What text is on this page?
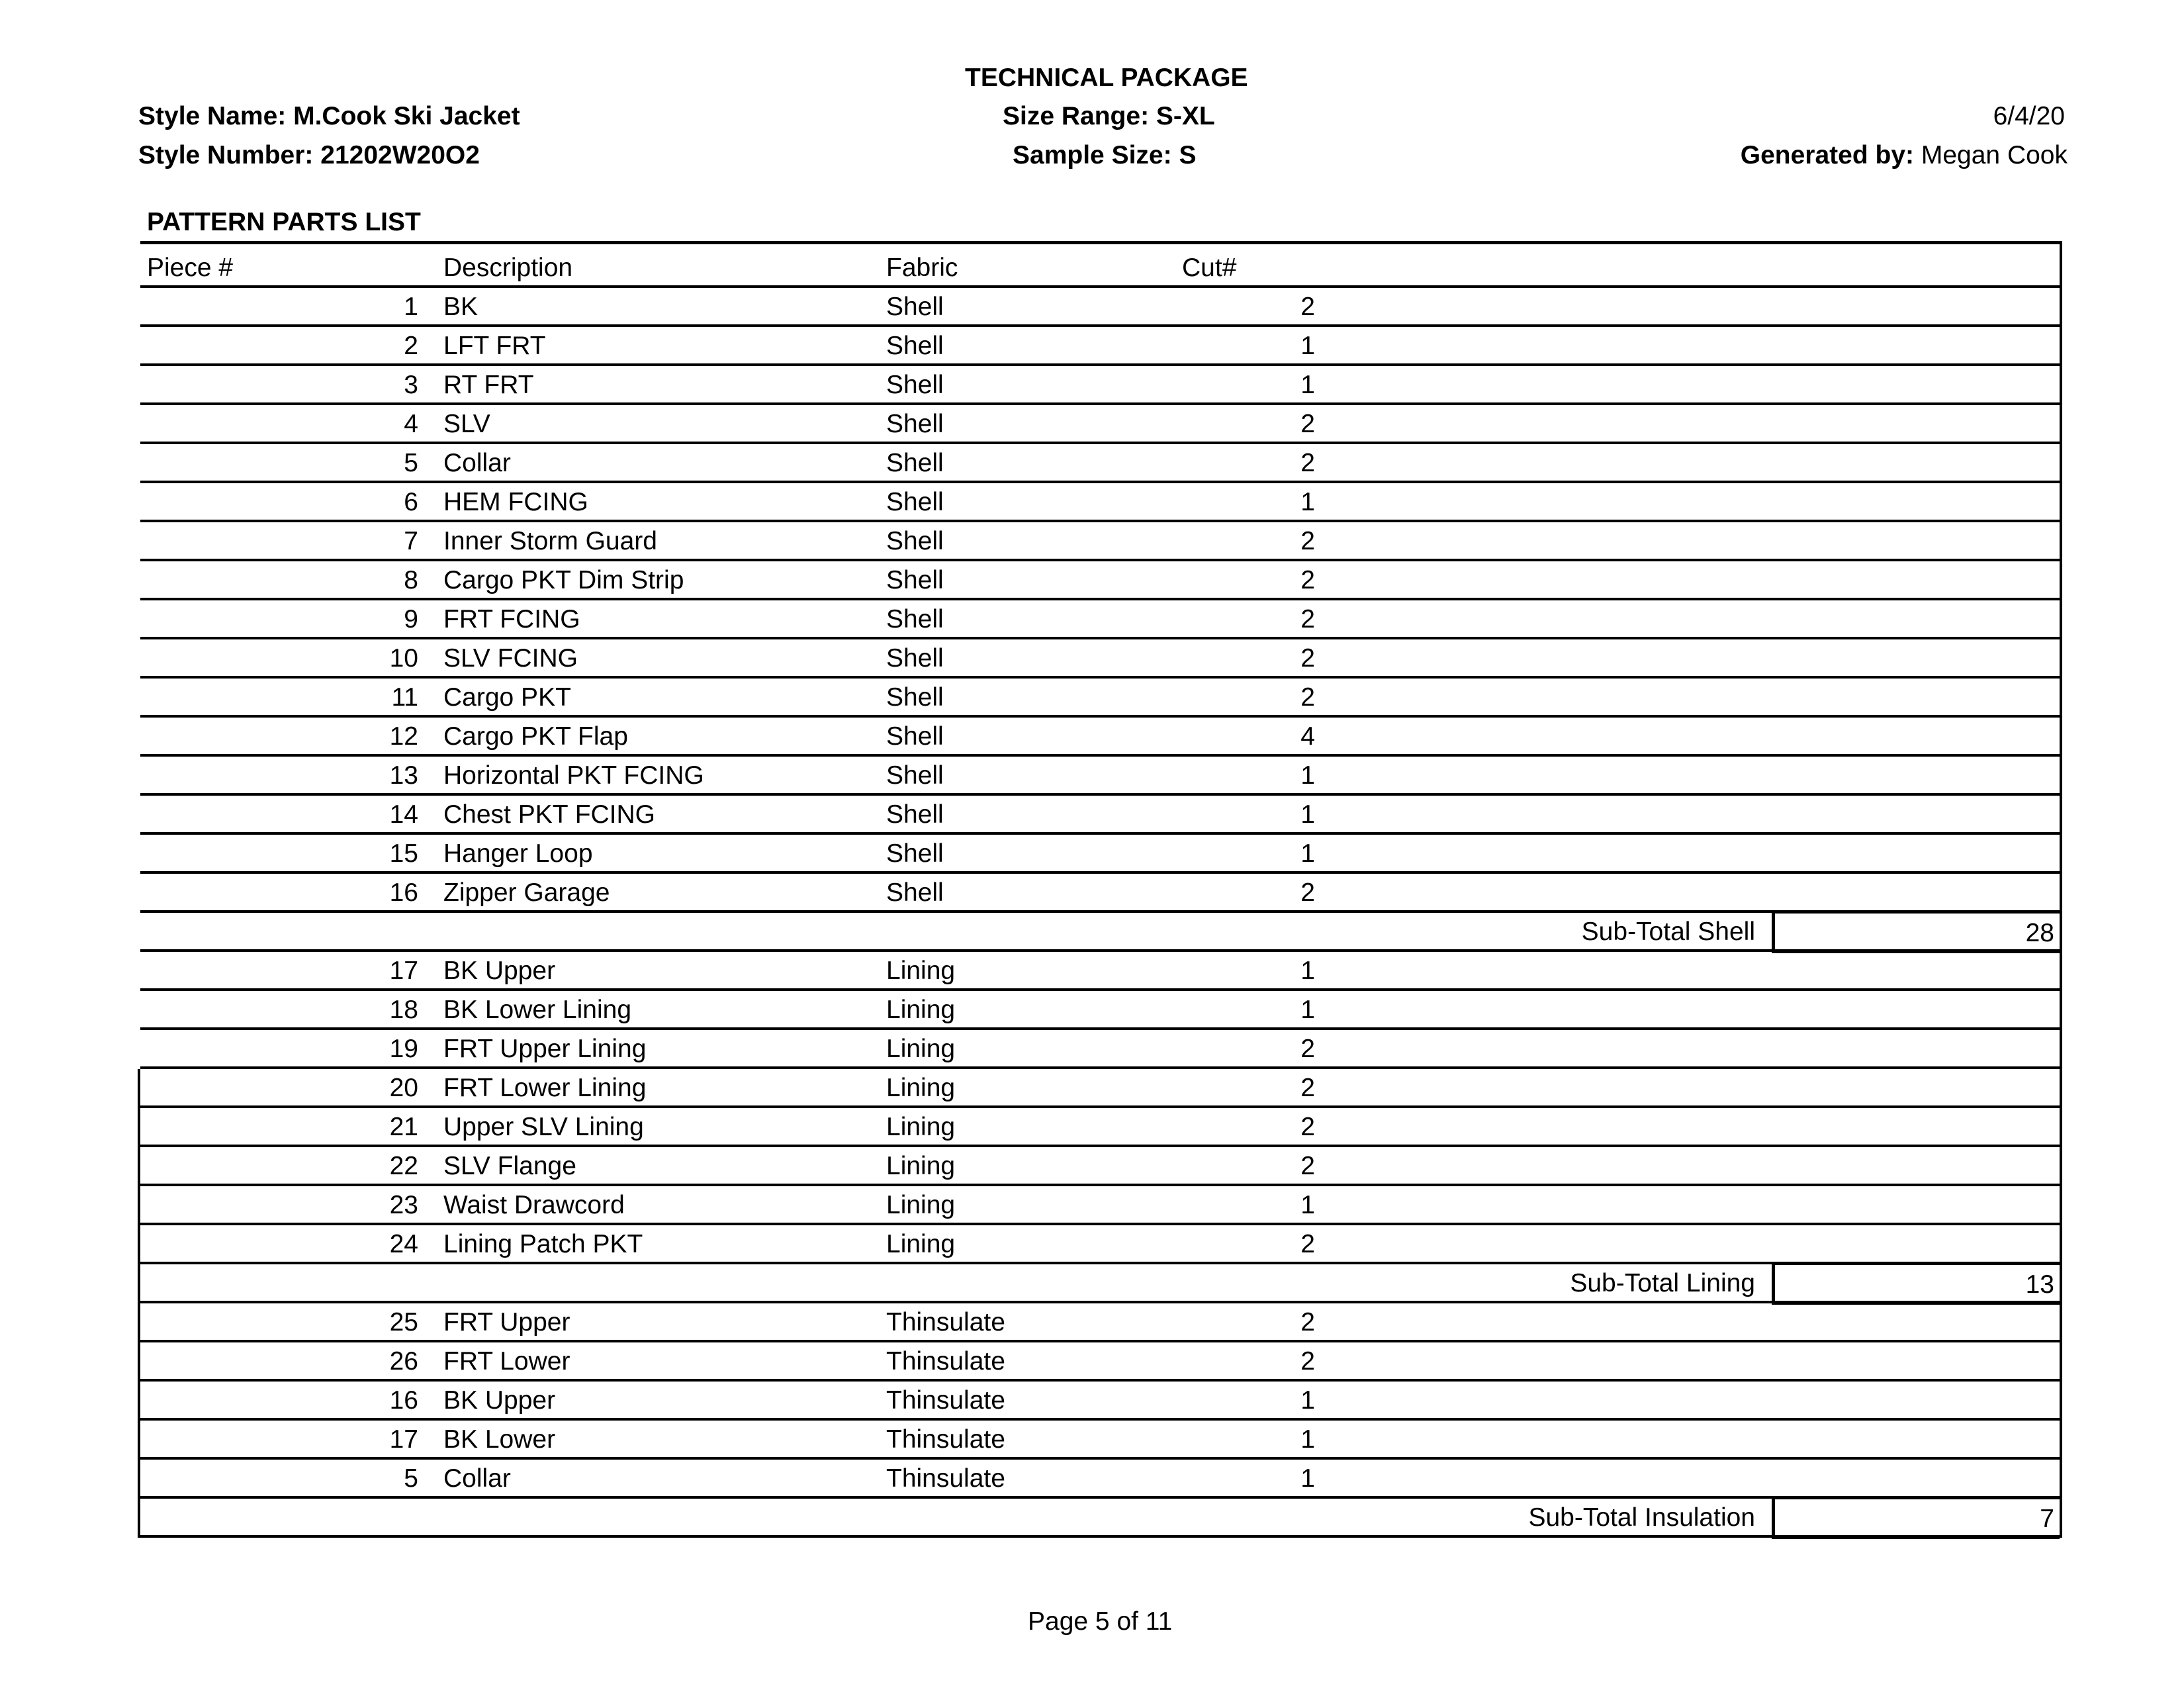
TECHNICAL PACKAGE
Style Name: M.Cook Ski Jacket
Style Number: 21202W20O2
Size Range: S-XL
Sample Size: S
6/4/20
Generated by: Megan Cook
PATTERN PARTS LIST
Piece #	Description	Fabric	Cut#
1 BK	Shell	2
2 LFT FRT	Shell	1
3 RT FRT	Shell	1
4 SLV	Shell	2
5 Collar	Shell	2
6 HEM FCING	Shell	1
7 Inner Storm Guard	Shell	2
8 Cargo PKT Dim Strip	Shell	2
9 FRT FCING	Shell	2
10 SLV FCING	Shell	2
11 Cargo PKT	Shell	2
12 Cargo PKT Flap	Shell	4
13 Horizontal PKT FCING	Shell	1
14 Chest PKT FCING	Shell	1
15 Hanger Loop	Shell	1
16 Zipper Garage	Shell	2
Sub-Total Shell	28
17 BK Upper	Lining	1
18 BK Lower Lining	Lining	1
19 FRT Upper Lining	Lining	2
20 FRT Lower Lining	Lining	2
21 Upper SLV Lining	Lining	2
22 SLV Flange	Lining	2
23 Waist Drawcord	Lining	1
24 Lining Patch PKT	Lining	2
Sub-Total Lining	13
25 FRT Upper	Thinsulate	2
26 FRT Lower	Thinsulate	2
16 BK Upper	Thinsulate	1
17 BK Lower	Thinsulate	1
5 Collar	Thinsulate	1
Sub-Total Insulation	7
Page 5 of 11
